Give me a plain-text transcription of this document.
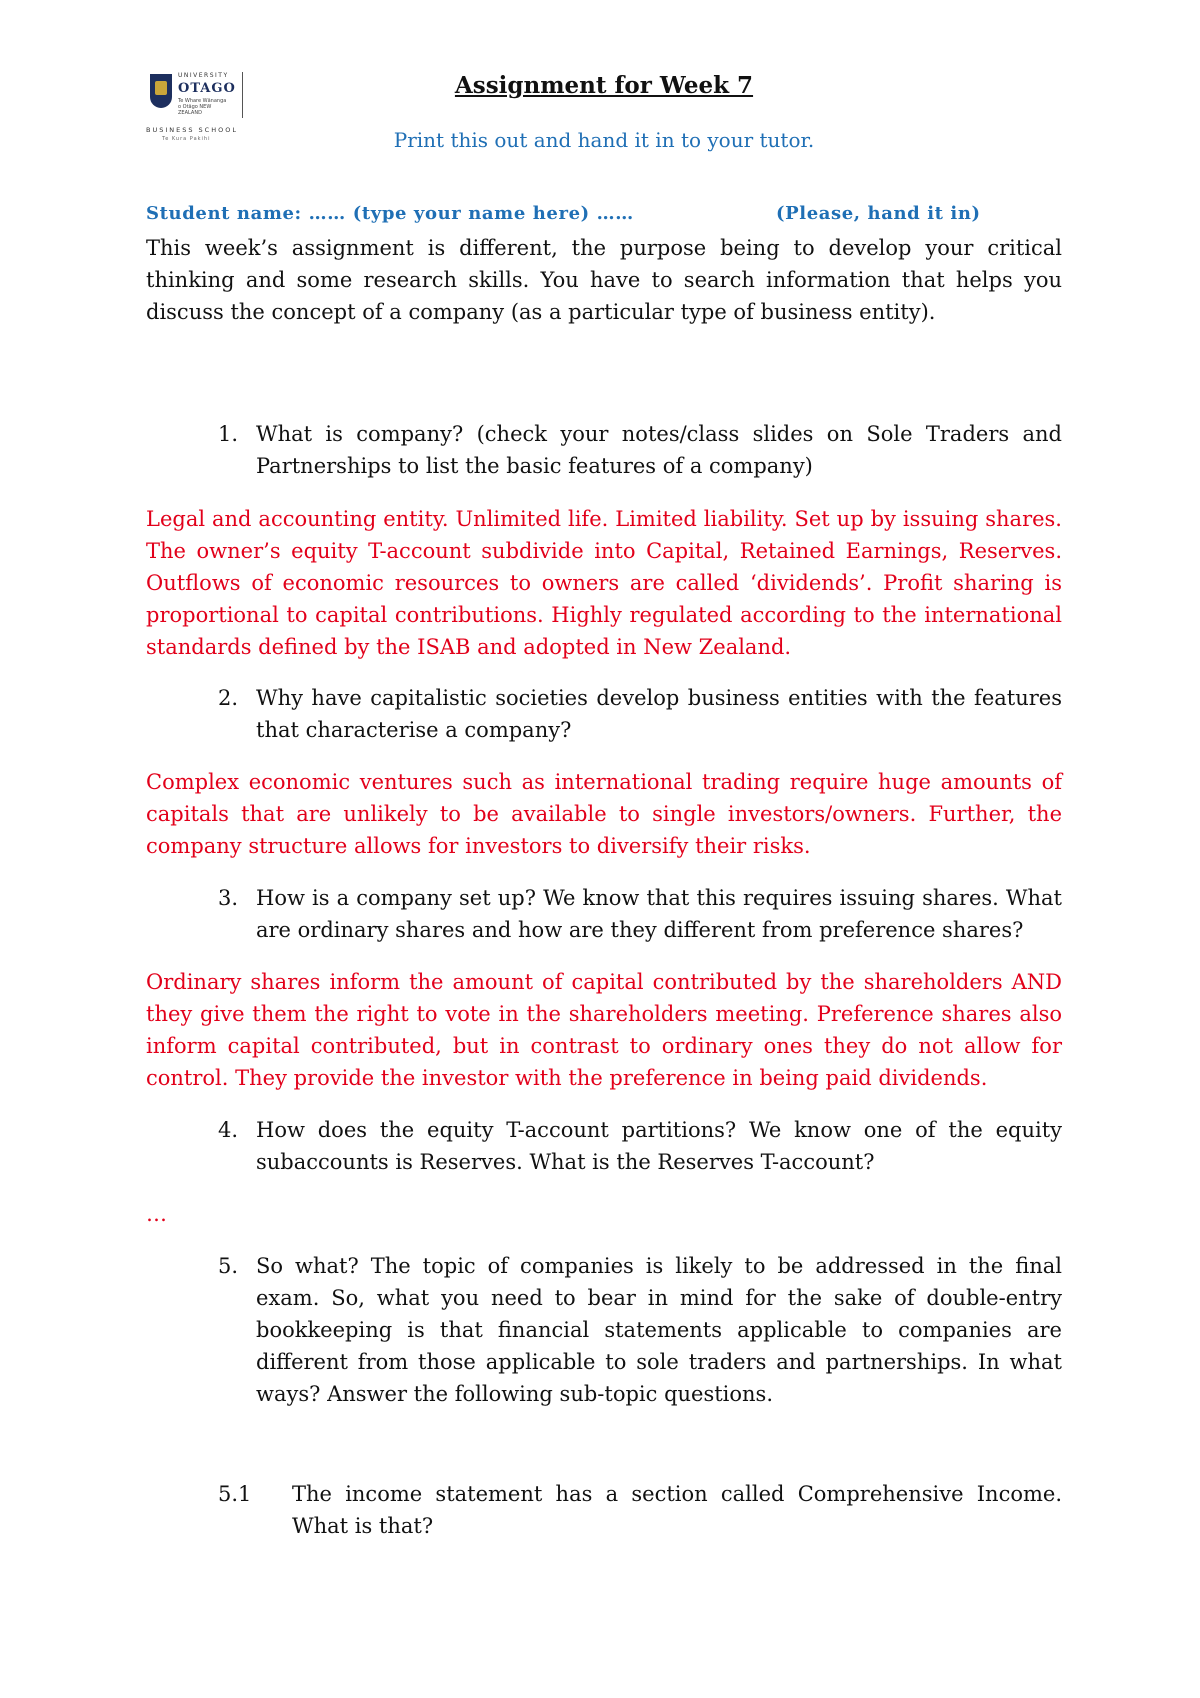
UNIVERSITY
OTAGO
Te Whare Wānanga o Otāgo NEW ZEALAND
BUSINESS SCHOOL
Te Kura Pakihi
Assignment for Week 7
Print this out and hand it in to your tutor.
Student name: …… (type your name here) ……	(Please, hand it in)

This week’s assignment is different, the purpose being to develop your critical thinking and some research skills. You have to search information that helps you discuss the concept of a company (as a particular type of business entity).

1. What is company? (check your notes/class slides on Sole Traders and Partnerships to list the basic features of a company)

Legal and accounting entity. Unlimited life. Limited liability. Set up by issuing shares. The owner’s equity T-account subdivide into Capital, Retained Earnings, Reserves. Outflows of economic resources to owners are called ‘dividends’. Profit sharing is proportional to capital contributions. Highly regulated according to the international standards defined by the ISAB and adopted in New Zealand.

2. Why have capitalistic societies develop business entities with the features that characterise a company?

Complex economic ventures such as international trading require huge amounts of capitals that are unlikely to be available to single investors/owners. Further, the company structure allows for investors to diversify their risks.

3. How is a company set up? We know that this requires issuing shares. What are ordinary shares and how are they different from preference shares?

Ordinary shares inform the amount of capital contributed by the shareholders AND they give them the right to vote in the shareholders meeting. Preference shares also inform capital contributed, but in contrast to ordinary ones they do not allow for control. They provide the investor with the preference in being paid dividends.

4. How does the equity T-account partitions? We know one of the equity subaccounts is Reserves. What is the Reserves T-account?

…

5. So what? The topic of companies is likely to be addressed in the final exam. So, what you need to bear in mind for the sake of double-entry bookkeeping is that financial statements applicable to companies are different from those applicable to sole traders and partnerships. In what ways? Answer the following sub-topic questions.
5.1 The income statement has a section called Comprehensive Income. What is that?
